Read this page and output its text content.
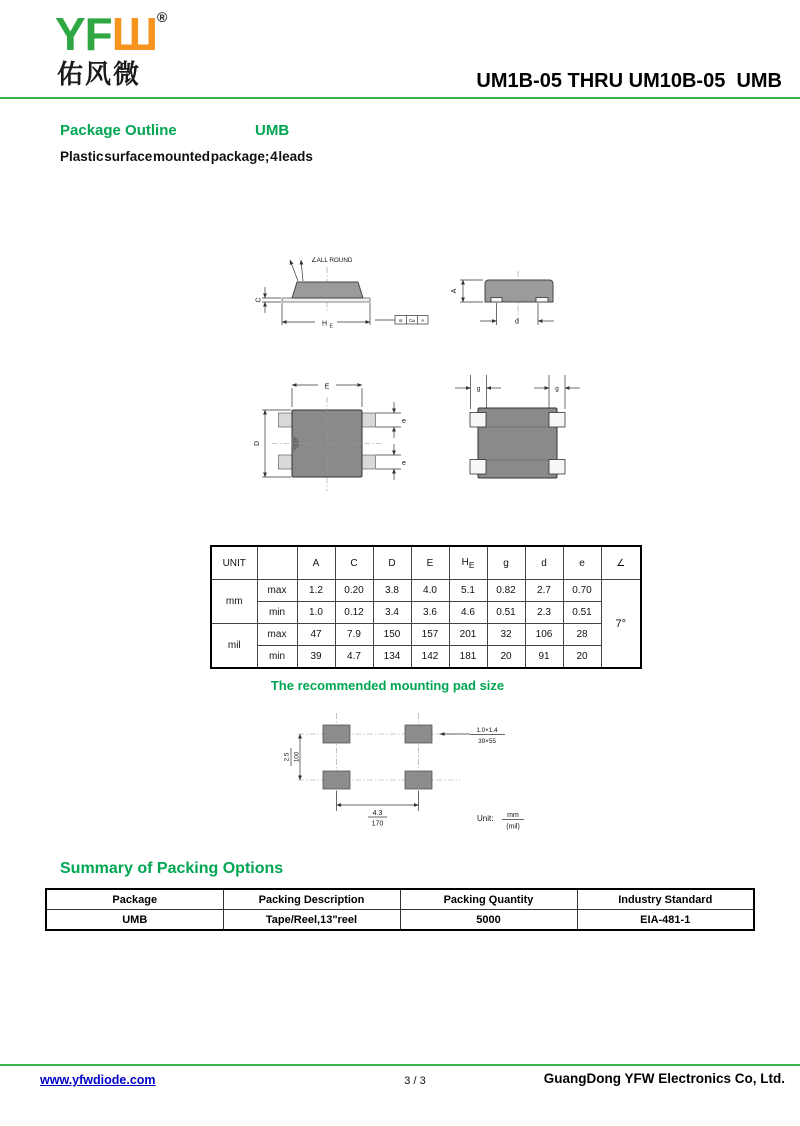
YFШ®
佑风微	UM1B-05 THRU UM10B-05  UMB
Package Outline	UMB
Plastic surface mounted package; 4 leads
∠ALL ROUND
C
H E
⊖ C⌀ A
A
d
E
D
e
e
g	g
UNIT		A	C	D	E	$H_E$	g	d	e	∠
mm	max	1.2	0.20	3.8	4.0	5.1	0.82	2.7	0.70	7°
	min	1.0	0.12	3.4	3.6	4.6	0.51	2.3	0.51	
mil	max	47	7.9	150	157	201	32	106	28	
	min	39	4.7	134	142	181	20	91	20	
The recommended mounting pad size
2.5 100
4.3
170
1.0×1.4
39×55
Unit: mm
(mil)
Summary of Packing Options
Package	Packing Description	Packing Quantity	Industry Standard
UMB	Tape/Reel,13"reel	5000	EIA-481-1
www.yfwdiode.com	3 / 3	GuangDong YFW Electronics Co, Ltd.
